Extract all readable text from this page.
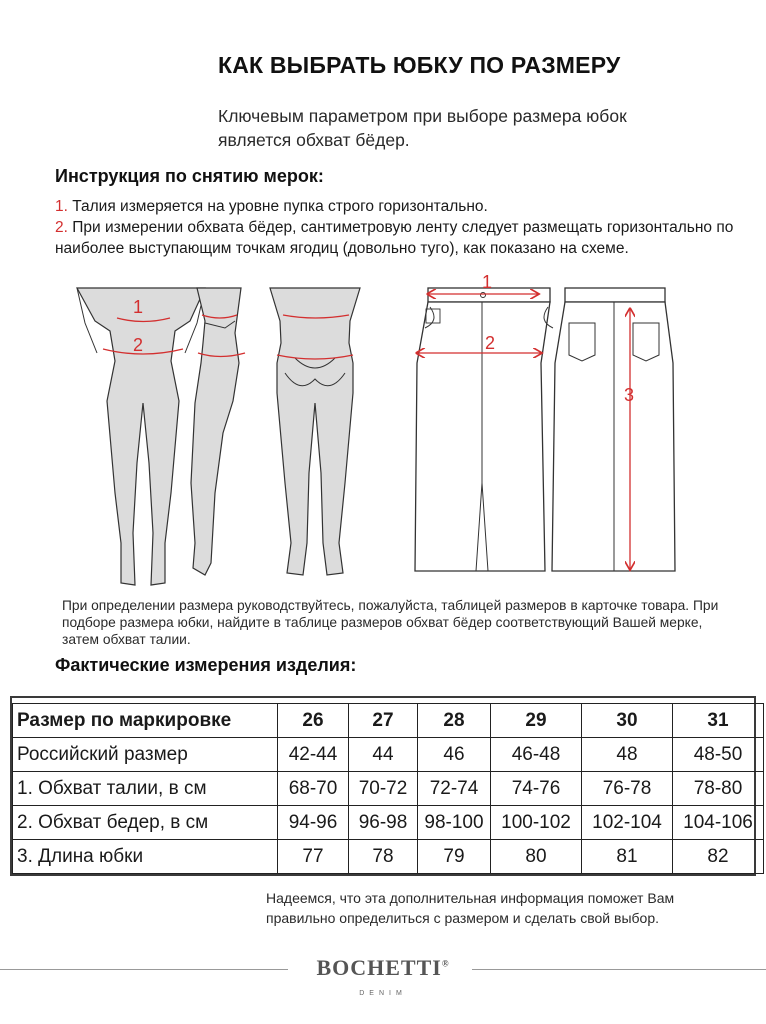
КАК ВЫБРАТЬ ЮБКУ ПО РАЗМЕРУ
Ключевым параметром при выборе размера юбок является обхват бёдер.
Инструкция по снятию мерок:
1. Талия измеряется на уровне пупка строго горизонтально.
2. При измерении обхвата бёдер, сантиметровую ленту следует размещать горизонтально по наиболее выступающим точкам ягодиц (довольно туго), как показано на схеме.
1
2
1
2
3
При определении размера руководствуйтесь, пожалуйста, таблицей размеров в карточке товара. При подборе размера юбки, найдите в таблице размеров обхват бёдер соответствующий Вашей мерке, затем обхват талии.
Фактические измерения изделия:
Размер по маркировке	26	27	28	29	30	31
Российский размер	42-44	44	46	46-48	48	48-50
1. Обхват талии, в см	68-70	70-72	72-74	74-76	76-78	78-80
2. Обхват бедер, в см	94-96	96-98	98-100	100-102	102-104	104-106
3. Длина юбки	77	78	79	80	81	82
Надеемся, что эта дополнительная информация поможет Вам правильно определиться с размером и сделать свой выбор.
BOCHETTI®
DENIM
